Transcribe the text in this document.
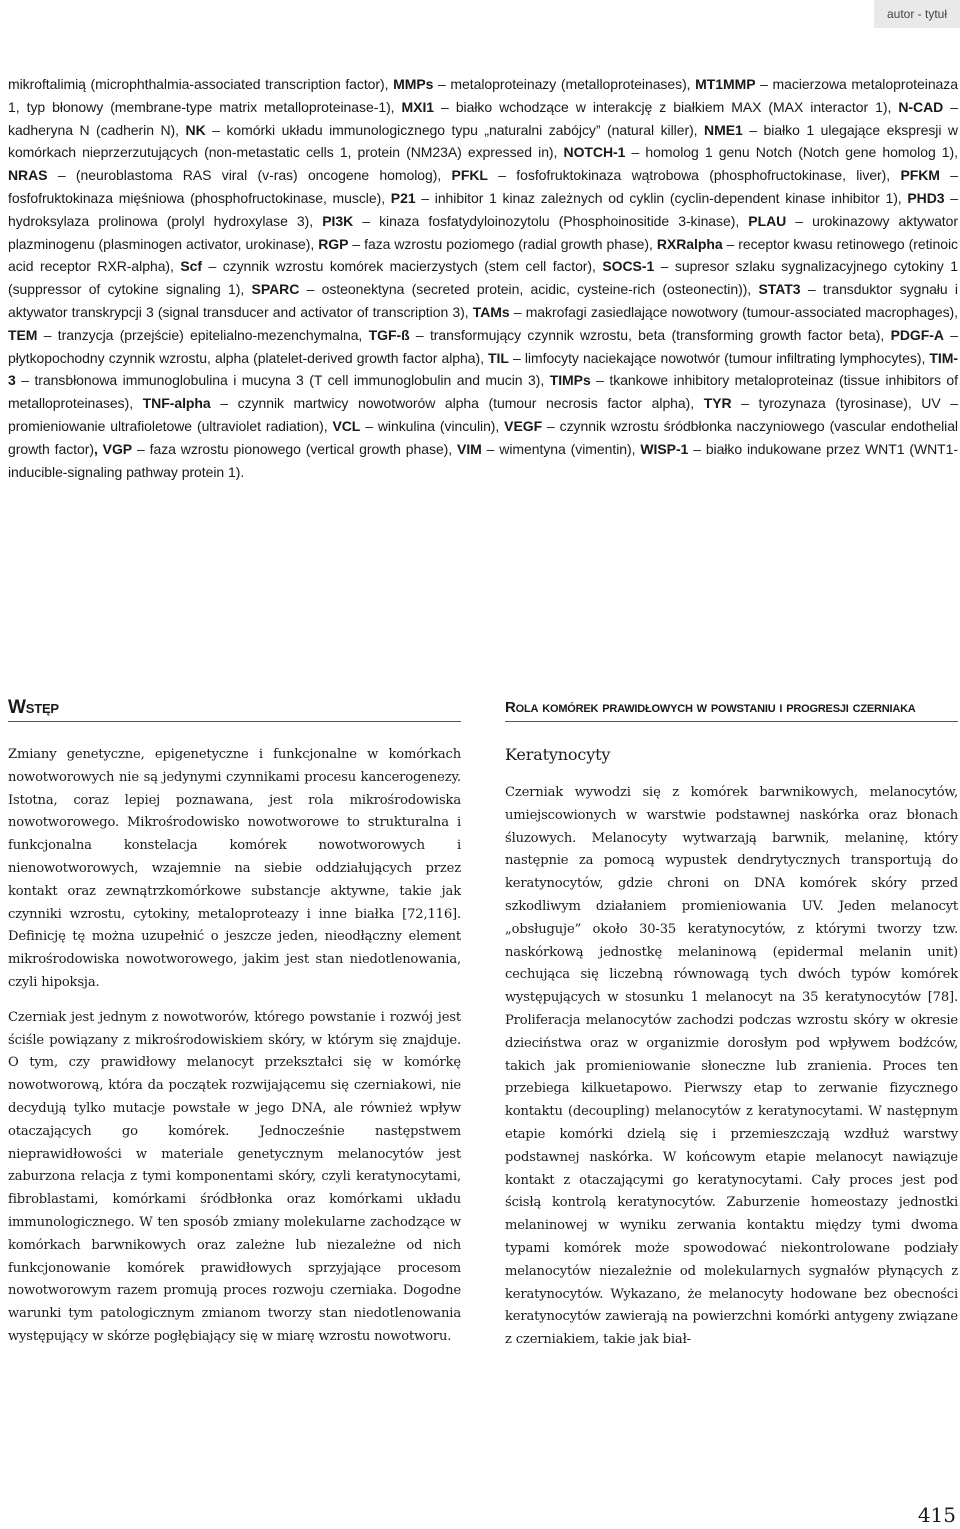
autor - tytuł
mikroftalimią (microphthalmia-associated transcription factor), MMPs – metaloproteinazy (metalloproteinases), MT1MMP – macierzowa metaloproteinaza 1, typ błonowy (membrane-type matrix metalloproteinase-1), MXI1 – białko wchodzące w interakcję z białkiem MAX (MAX interactor 1), N-CAD – kadheryna N (cadherin N), NK – komórki układu immunologicznego typu „naturalni zabójcy” (natural killer), NME1 – białko 1 ulegające ekspresji w komórkach nieprzerzutujących (non-metastatic cells 1, protein (NM23A) expressed in), NOTCH-1 – homolog 1 genu Notch (Notch gene homolog 1), NRAS – (neuroblastoma RAS viral (v-ras) oncogene homolog), PFKL – fosfofruktokinaza wątrobowa (phosphofructokinase, liver), PFKM – fosfofruktokinaza mięśniowa (phosphofructokinase, muscle), P21 – inhibitor 1 kinaz zależnych od cyklin (cyclin-dependent kinase inhibitor 1), PHD3 – hydroksylaza prolinowa (prolyl hydroxylase 3), PI3K – kinaza fosfatydyloinozytolu (Phosphoinositide 3-kinase), PLAU – urokinazowy aktywator plazminogenu (plasminogen activator, urokinase), RGP – faza wzrostu poziomego (radial growth phase), RXRalpha – receptor kwasu retinowego (retinoic acid receptor RXR-alpha), Scf – czynnik wzrostu komórek macierzystych (stem cell factor), SOCS-1 – supresor szlaku sygnalizacyjnego cytokiny 1 (suppressor of cytokine signaling 1), SPARC – osteonektyna (secreted protein, acidic, cysteine-rich (osteonectin)), STAT3 – transduktor sygnału i aktywator transkrypcji 3 (signal transducer and activator of transcription 3), TAMs – makrofagi zasiedlające nowotwory (tumour-associated macrophages), TEM – tranzycja (przejście) epitelialno-mezenchymalna, TGF-ß – transformujący czynnik wzrostu, beta (transforming growth factor beta), PDGF-A – płytkopochodny czynnik wzrostu, alpha (platelet-derived growth factor alpha), TIL – limfocyty naciekające nowotwór (tumour infiltrating lymphocytes), TIM-3 – transbłonowa immunoglobulina i mucyna 3 (T cell immunoglobulin and mucin 3), TIMPs – tkankowe inhibitory metaloproteinaz (tissue inhibitors of metalloproteinases), TNF-alpha – czynnik martwicy nowotworów alpha (tumour necrosis factor alpha), TYR – tyrozynaza (tyrosinase), UV – promieniowanie ultrafioletowe (ultraviolet radiation), VCL – winkulina (vinculin), VEGF – czynnik wzrostu śródbłonka naczyniowego (vascular endothelial growth factor), VGP – faza wzrostu pionowego (vertical growth phase), VIM – wimentyna (vimentin), WISP-1 – białko indukowane przez WNT1 (WNT1-inducible-signaling pathway protein 1).
Wstęp

Zmiany genetyczne, epigenetyczne i funkcjonalne w komórkach nowotworowych nie są jedynymi czynnikami procesu kancerogenezy. Istotna, coraz lepiej poznawana, jest rola mikrośrodowiska nowotworowego. Mikrośrodowisko nowotworowe to strukturalna i funkcjonalna konstelacja komórek nowotworowych i nienowotworowych, wzajemnie na siebie oddziałujących przez kontakt oraz zewnątrzkomórkowe substancje aktywne, takie jak czynniki wzrostu, cytokiny, metaloproteazy i inne białka [72,116]. Definicję tę można uzupełnić o jeszcze jeden, nieodłączny element mikrośrodowiska nowotworowego, jakim jest stan niedotlenowania, czyli hipoksja.

Czerniak jest jednym z nowotworów, którego powstanie i rozwój jest ściśle powiązany z mikrośrodowiskiem skóry, w którym się znajduje. O tym, czy prawidłowy melanocyt przekształci się w komórkę nowotworową, która da początek rozwijającemu się czerniakowi, nie decydują tylko mutacje powstałe w jego DNA, ale również wpływ otaczających go komórek. Jednocześnie następstwem nieprawidłowości w materiale genetycznym melanocytów jest zaburzona relacja z tymi komponentami skóry, czyli keratynocytami, fibroblastami, komórkami śródbłonka oraz komórkami układu immunologicznego. W ten sposób zmiany molekularne zachodzące w komórkach barwnikowych oraz zależne lub niezależne od nich funkcjonowanie komórek prawidłowych sprzyjające procesom nowotworowym razem promują proces rozwoju czerniaka. Dogodne warunki tym patologicznym zmianom tworzy stan niedotlenowania występujący w skórze pogłębiający się w miarę wzrostu nowotworu.

Rola komórek prawidłowych w powstaniu i progresji czerniaka
Keratynocyty

Czerniak wywodzi się z komórek barwnikowych, melanocytów, umiejscowionych w warstwie podstawnej naskórka oraz błonach śluzowych. Melanocyty wytwarzają barwnik, melaninę, który następnie za pomocą wypustek dendrytycznych transportują do keratynocytów, gdzie chroni on DNA komórek skóry przed szkodliwym działaniem promieniowania UV. Jeden melanocyt „obsługuje” około 30-35 keratynocytów, z którymi tworzy tzw. naskórkową jednostkę melaninową (epidermal melanin unit) cechująca się liczebną równowagą tych dwóch typów komórek występujących w stosunku 1 melanocyt na 35 keratynocytów [78]. Proliferacja melanocytów zachodzi podczas wzrostu skóry w okresie dzieciństwa oraz w organizmie dorosłym pod wpływem bodźców, takich jak promieniowanie słoneczne lub zranienia. Proces ten przebiega kilkuetapowo. Pierwszy etap to zerwanie fizycznego kontaktu (decoupling) melanocytów z keratynocytami. W następnym etapie komórki dzielą się i przemieszczają wzdłuż warstwy podstawnej naskórka. W końcowym etapie melanocyt nawiązuje kontakt z otaczającymi go keratynocytami. Cały proces jest pod ścisłą kontrolą keratynocytów. Zaburzenie homeostazy jednostki melaninowej w wyniku zerwania kontaktu między tymi dwoma typami komórek może spowodować niekontrolowane podziały melanocytów niezależnie od molekularnych sygnałów płynących z keratynocytów. Wykazano, że melanocyty hodowane bez obecności keratynocytów zawierają na powierzchni komórki antygeny związane z czerniakiem, takie jak biał-

415
